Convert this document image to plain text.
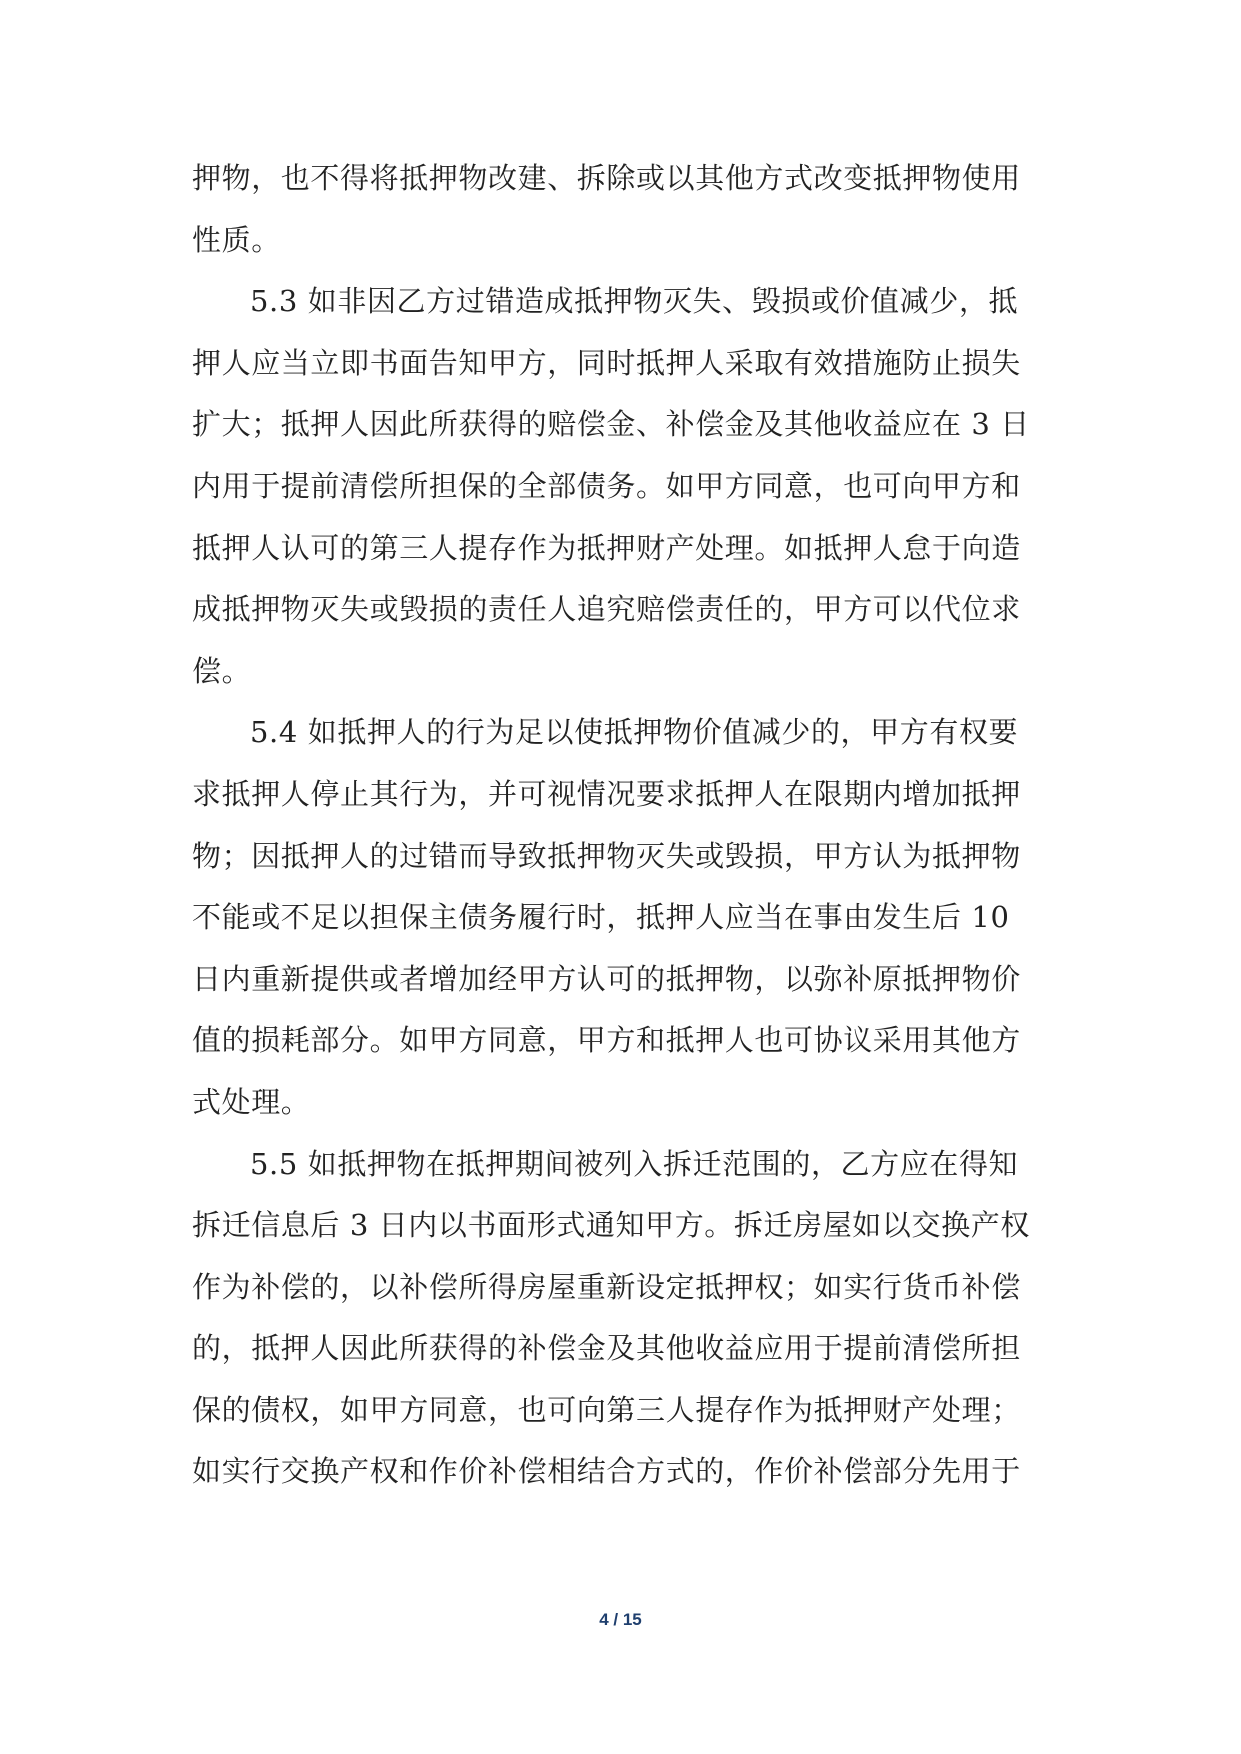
押物，也不得将抵押物改建、拆除或以其他方式改变抵押物使用
性质。
5.3 如非因乙方过错造成抵押物灭失、毁损或价值减少，抵
押人应当立即书面告知甲方，同时抵押人采取有效措施防止损失
扩大；抵押人因此所获得的赔偿金、补偿金及其他收益应在 3 日
内用于提前清偿所担保的全部债务。如甲方同意，也可向甲方和
抵押人认可的第三人提存作为抵押财产处理。如抵押人怠于向造
成抵押物灭失或毁损的责任人追究赔偿责任的，甲方可以代位求
偿。
5.4 如抵押人的行为足以使抵押物价值减少的，甲方有权要
求抵押人停止其行为，并可视情况要求抵押人在限期内增加抵押
物；因抵押人的过错而导致抵押物灭失或毁损，甲方认为抵押物
不能或不足以担保主债务履行时，抵押人应当在事由发生后 10
日内重新提供或者增加经甲方认可的抵押物，以弥补原抵押物价
值的损耗部分。如甲方同意，甲方和抵押人也可协议采用其他方
式处理。
5.5 如抵押物在抵押期间被列入拆迁范围的，乙方应在得知
拆迁信息后 3 日内以书面形式通知甲方。拆迁房屋如以交换产权
作为补偿的，以补偿所得房屋重新设定抵押权；如实行货币补偿
的，抵押人因此所获得的补偿金及其他收益应用于提前清偿所担
保的债权，如甲方同意，也可向第三人提存作为抵押财产处理；
如实行交换产权和作价补偿相结合方式的，作价补偿部分先用于
4 / 15
